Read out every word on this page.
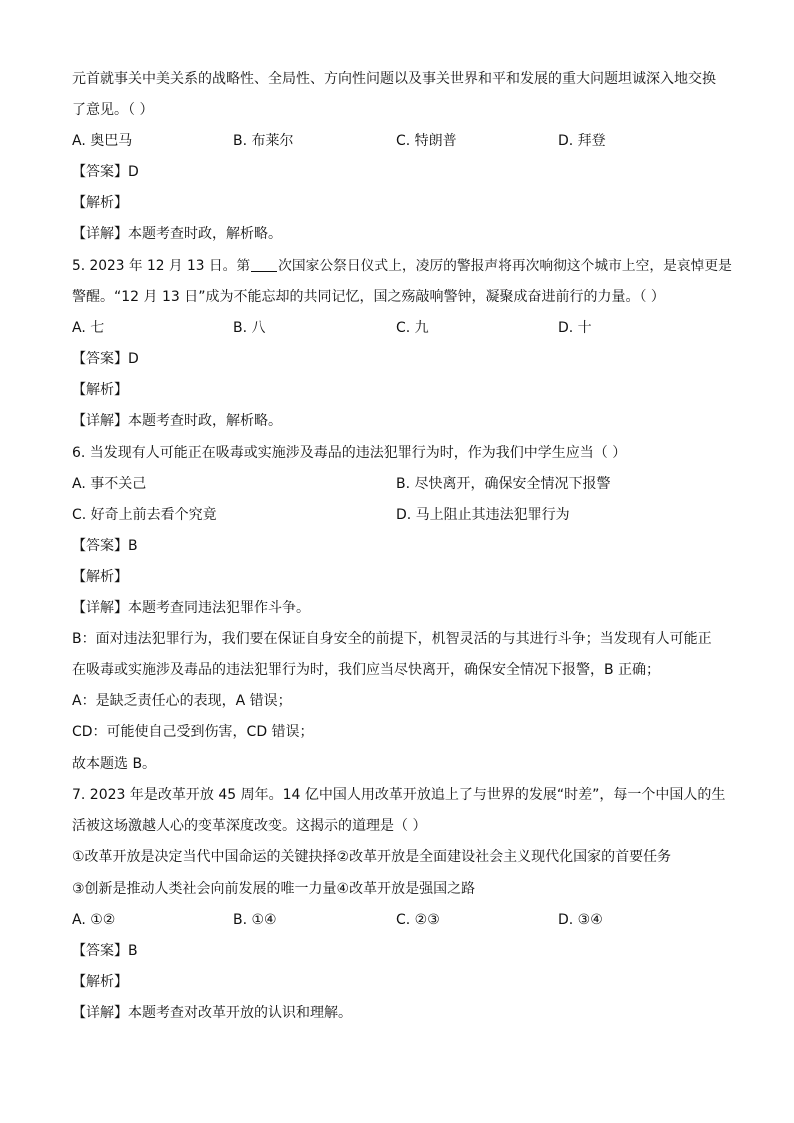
元首就事关中美关系的战略性、全局性、方向性问题以及事关世界和平和发展的重大问题坦诚深入地交换
了意见。（ ）
A. 奥巴马	B. 布莱尔	C. 特朗普	D. 拜登
【答案】D
【解析】
【详解】本题考查时政，解析略。
5. 2023 年 12 月 13 日。第 次国家公祭日仪式上，凌厉的警报声将再次响彻这个城市上空，是哀悼更是
警醒。“12 月 13 日”成为不能忘却的共同记忆，国之殇敲响警钟，凝聚成奋进前行的力量。（ ）
A. 七	B. 八	C. 九	D. 十
【答案】D
【解析】
【详解】本题考查时政，解析略。
6. 当发现有人可能正在吸毒或实施涉及毒品的违法犯罪行为时，作为我们中学生应当（ ）
A. 事不关己	B. 尽快离开，确保安全情况下报警
C. 好奇上前去看个究竟	D. 马上阻止其违法犯罪行为
【答案】B
【解析】
【详解】本题考查同违法犯罪作斗争。
B：面对违法犯罪行为，我们要在保证自身安全的前提下，机智灵活的与其进行斗争；当发现有人可能正
在吸毒或实施涉及毒品的违法犯罪行为时，我们应当尽快离开，确保安全情况下报警，B 正确；
A：是缺乏责任心的表现，A 错误；
CD：可能使自己受到伤害，CD 错误；
故本题选 B。
7. 2023 年是改革开放 45 周年。14 亿中国人用改革开放追上了与世界的发展“时差”，每一个中国人的生
活被这场激越人心的变革深度改变。这揭示的道理是（ ）
①改革开放是决定当代中国命运的关键抉择②改革开放是全面建设社会主义现代化国家的首要任务
③创新是推动人类社会向前发展的唯一力量④改革开放是强国之路
A. ①②	B. ①④	C. ②③	D. ③④
【答案】B
【解析】
【详解】本题考查对改革开放的认识和理解。
